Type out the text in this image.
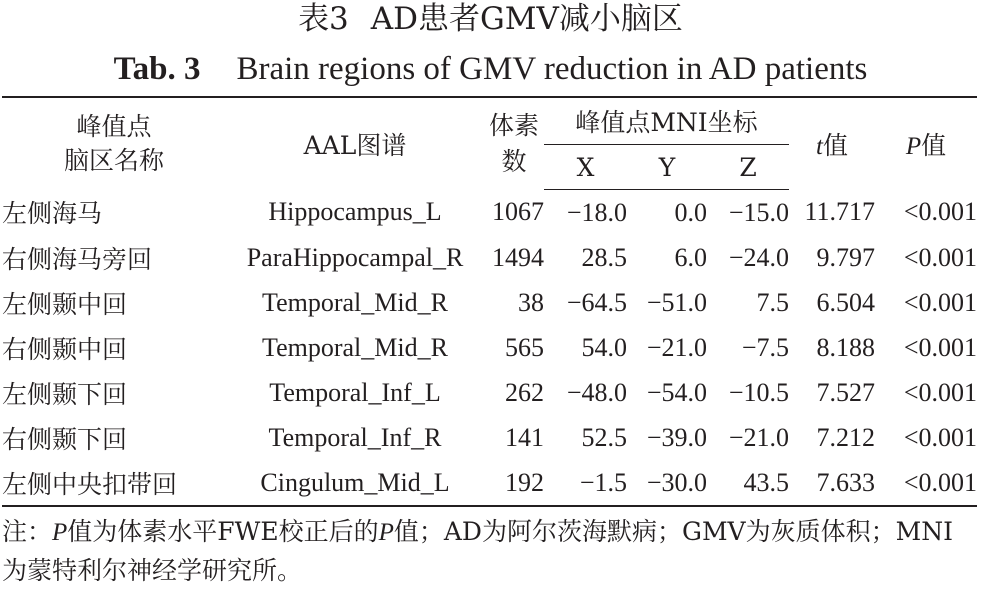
表3 AD患者GMV减小脑区
Tab. 3 Brain regions of GMV reduction in AD patients
峰值点
脑区名称	AAL图谱	体素
数	峰值点MNI坐标			t值	P值
			X	Y	Z		
左侧海马	Hippocampus_L	1067	−18.0	0.0	−15.0	11.717	<0.001
右侧海马旁回	ParaHippocampal_R	1494	28.5	6.0	−24.0	9.797	<0.001
左侧颞中回	Temporal_Mid_R	38	−64.5	−51.0	7.5	6.504	<0.001
右侧颞中回	Temporal_Mid_R	565	54.0	−21.0	−7.5	8.188	<0.001
左侧颞下回	Temporal_Inf_L	262	−48.0	−54.0	−10.5	7.527	<0.001
右侧颞下回	Temporal_Inf_R	141	52.5	−39.0	−21.0	7.212	<0.001
左侧中央扣带回	Cingulum_Mid_L	192	−1.5	−30.0	43.5	7.633	<0.001
注：P值为体素水平FWE校正后的P值；AD为阿尔茨海默病；GMV为灰质体积；MNI为蒙特利尔神经学研究所。
